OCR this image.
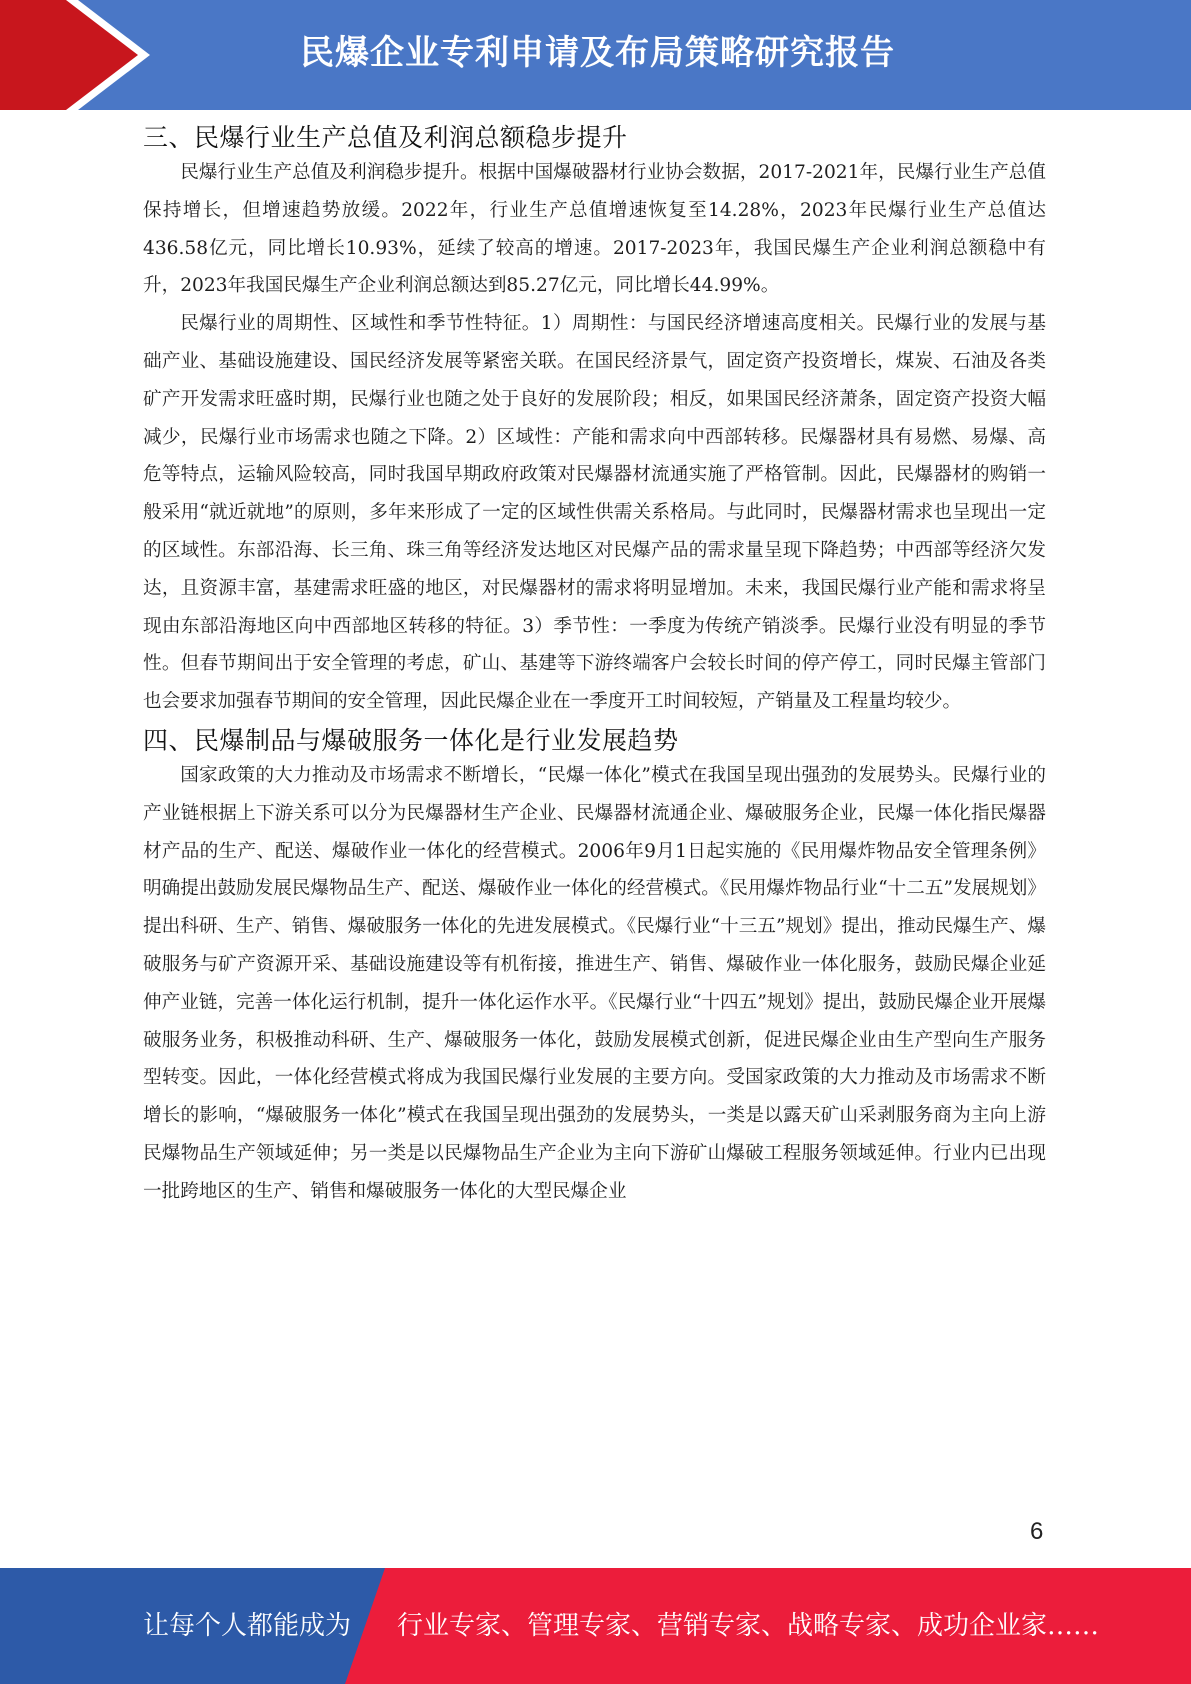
民爆企业专利申请及布局策略研究报告
三、民爆行业生产总值及利润总额稳步提升

民爆行业生产总值及利润稳步提升。根据中国爆破器材行业协会数据，2017-2021年，民爆行业生产总值保持增长，但增速趋势放缓。2022年，行业生产总值增速恢复至14.28%，2023年民爆行业生产总值达436.58亿元，同比增长10.93%，延续了较高的增速。2017-2023年，我国民爆生产企业利润总额稳中有升，2023年我国民爆生产企业利润总额达到85.27亿元，同比增长44.99%。

民爆行业的周期性、区域性和季节性特征。1）周期性：与国民经济增速高度相关。民爆行业的发展与基础产业、基础设施建设、国民经济发展等紧密关联。在国民经济景气，固定资产投资增长，煤炭、石油及各类矿产开发需求旺盛时期，民爆行业也随之处于良好的发展阶段；相反，如果国民经济萧条，固定资产投资大幅减少，民爆行业市场需求也随之下降。2）区域性：产能和需求向中西部转移。民爆器材具有易燃、易爆、高危等特点，运输风险较高，同时我国早期政府政策对民爆器材流通实施了严格管制。因此，民爆器材的购销一般采用“就近就地”的原则，多年来形成了一定的区域性供需关系格局。与此同时，民爆器材需求也呈现出一定的区域性。东部沿海、长三角、珠三角等经济发达地区对民爆产品的需求量呈现下降趋势；中西部等经济欠发达，且资源丰富，基建需求旺盛的地区，对民爆器材的需求将明显增加。未来，我国民爆行业产能和需求将呈现由东部沿海地区向中西部地区转移的特征。3）季节性：一季度为传统产销淡季。民爆行业没有明显的季节性。但春节期间出于安全管理的考虑，矿山、基建等下游终端客户会较长时间的停产停工，同时民爆主管部门也会要求加强春节期间的安全管理，因此民爆企业在一季度开工时间较短，产销量及工程量均较少。

四、民爆制品与爆破服务一体化是行业发展趋势

国家政策的大力推动及市场需求不断增长，“民爆一体化”模式在我国呈现出强劲的发展势头。民爆行业的产业链根据上下游关系可以分为民爆器材生产企业、民爆器材流通企业、爆破服务企业，民爆一体化指民爆器材产品的生产、配送、爆破作业一体化的经营模式。2006年9月1日起实施的《民用爆炸物品安全管理条例》明确提出鼓励发展民爆物品生产、配送、爆破作业一体化的经营模式。《民用爆炸物品行业“十二五”发展规划》提出科研、生产、销售、爆破服务一体化的先进发展模式。《民爆行业“十三五”规划》提出，推动民爆生产、爆破服务与矿产资源开采、基础设施建设等有机衔接，推进生产、销售、爆破作业一体化服务，鼓励民爆企业延伸产业链，完善一体化运行机制，提升一体化运作水平。《民爆行业“十四五”规划》提出，鼓励民爆企业开展爆破服务业务，积极推动科研、生产、爆破服务一体化，鼓励发展模式创新，促进民爆企业由生产型向生产服务型转变。因此，一体化经营模式将成为我国民爆行业发展的主要方向。受国家政策的大力推动及市场需求不断增长的影响，“爆破服务一体化”模式在我国呈现出强劲的发展势头，一类是以露天矿山采剥服务商为主向上游民爆物品生产领域延伸；另一类是以民爆物品生产企业为主向下游矿山爆破工程服务领域延伸。行业内已出现一批跨地区的生产、销售和爆破服务一体化的大型民爆企业

6
让每个人都能成为 行业专家、管理专家、营销专家、战略专家、成功企业家……
